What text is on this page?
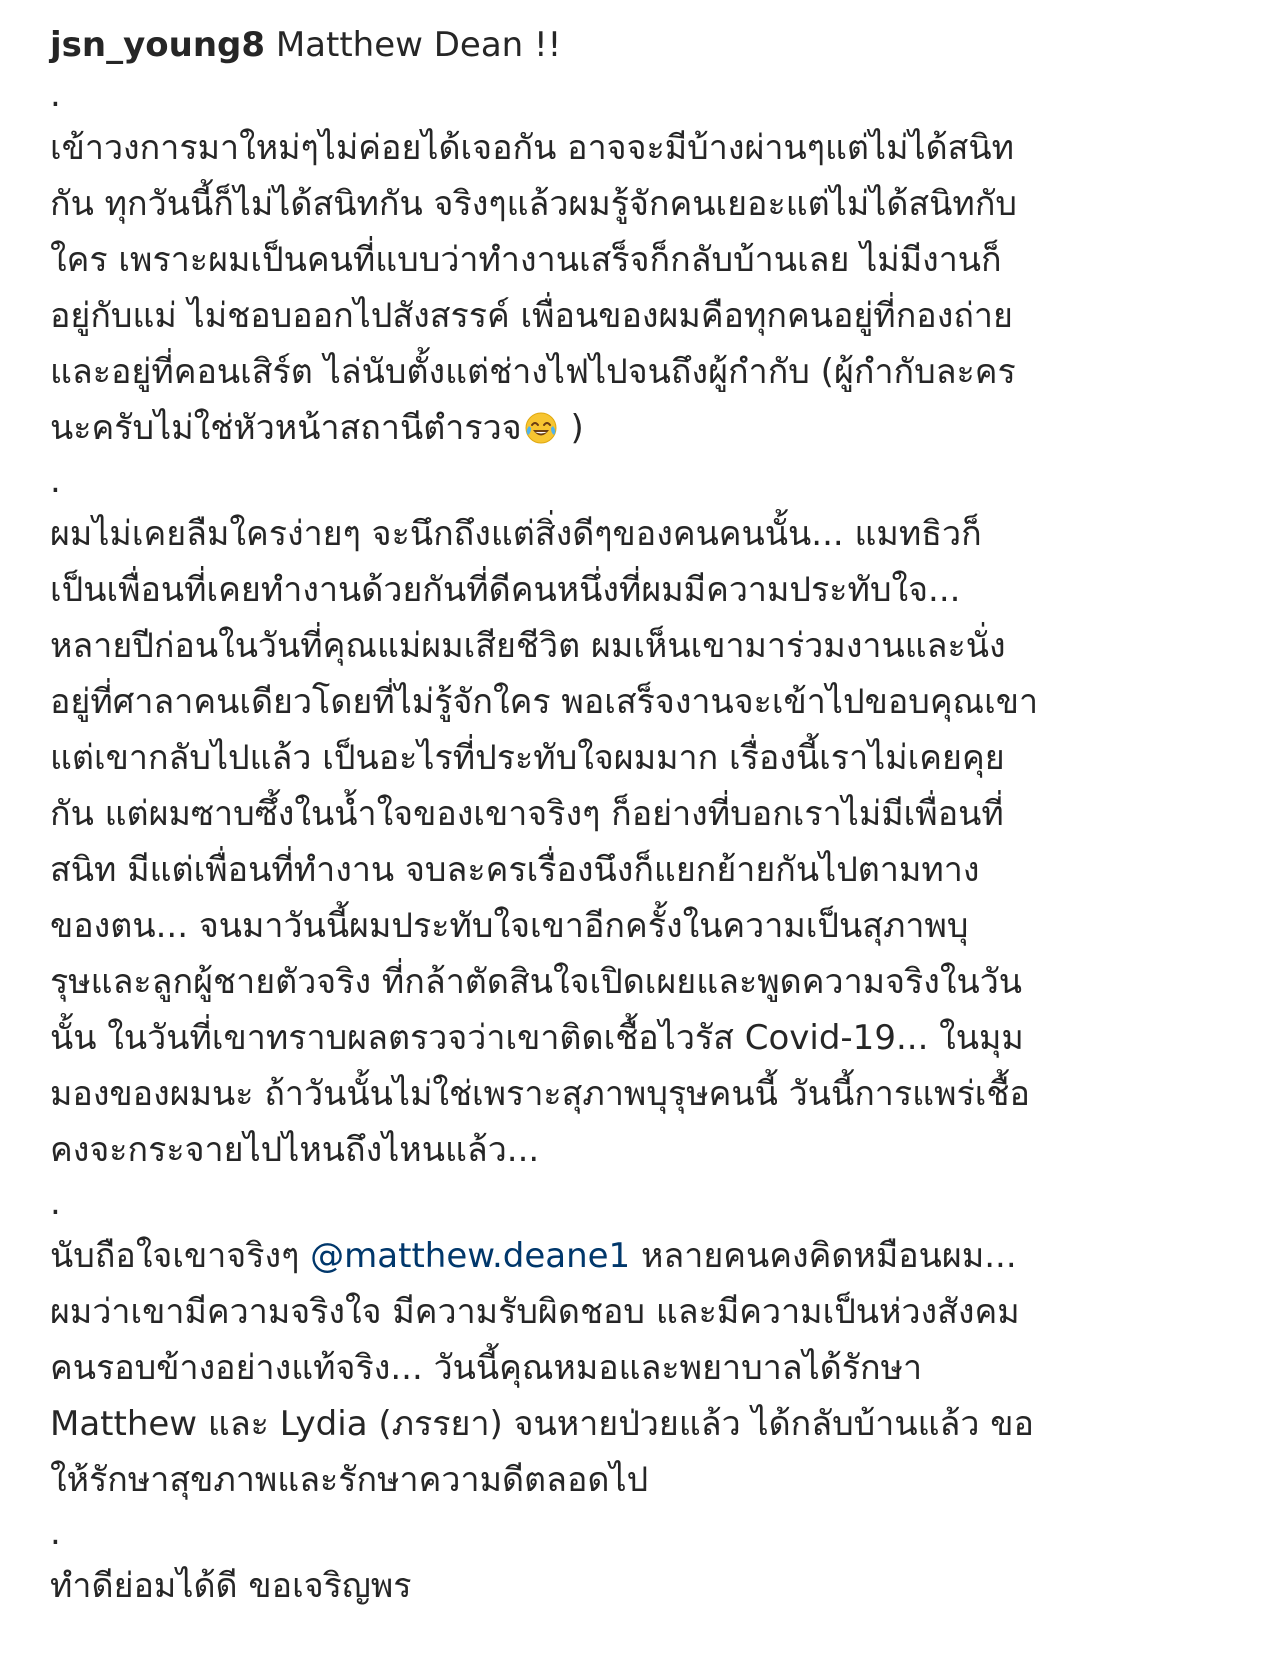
jsn_young8 Matthew Dean !!
.
เข้าวงการมาใหม่ๆไม่ค่อยได้เจอกัน อาจจะมีบ้างผ่านๆแต่ไม่ได้สนิท
กัน ทุกวันนี้ก็ไม่ได้สนิทกัน จริงๆแล้วผมรู้จักคนเยอะแต่ไม่ได้สนิทกับ
ใคร เพราะผมเป็นคนที่แบบว่าทำงานเสร็จก็กลับบ้านเลย ไม่มีงานก็
อยู่กับแม่ ไม่ชอบออกไปสังสรรค์ เพื่อนของผมคือทุกคนอยู่ที่กองถ่าย
และอยู่ที่คอนเสิร์ต ไล่นับตั้งแต่ช่างไฟไปจนถึงผู้กำกับ (ผู้กำกับละคร
นะครับไม่ใช่หัวหน้าสถานีตำรวจ )
.
ผมไม่เคยลืมใครง่ายๆ จะนึกถึงแต่สิ่งดีๆของคนคนนั้น... แมทธิวก็
เป็นเพื่อนที่เคยทำงานด้วยกันที่ดีคนหนึ่งที่ผมมีความประทับใจ...
หลายปีก่อนในวันที่คุณแม่ผมเสียชีวิต ผมเห็นเขามาร่วมงานและนั่ง
อยู่ที่ศาลาคนเดียวโดยที่ไม่รู้จักใคร พอเสร็จงานจะเข้าไปขอบคุณเขา
แต่เขากลับไปแล้ว เป็นอะไรที่ประทับใจผมมาก เรื่องนี้เราไม่เคยคุย
กัน แต่ผมซาบซึ้งในน้ำใจของเขาจริงๆ ก็อย่างที่บอกเราไม่มีเพื่อนที่
สนิท มีแต่เพื่อนที่ทำงาน จบละครเรื่องนึงก็แยกย้ายกันไปตามทาง
ของตน... จนมาวันนี้ผมประทับใจเขาอีกครั้งในความเป็นสุภาพบุ
รุษและลูกผู้ชายตัวจริง ที่กล้าตัดสินใจเปิดเผยและพูดความจริงในวัน
นั้น ในวันที่เขาทราบผลตรวจว่าเขาติดเชื้อไวรัส Covid-19... ในมุม
มองของผมนะ ถ้าวันนั้นไม่ใช่เพราะสุภาพบุรุษคนนี้ วันนี้การแพร่เชื้อ
คงจะกระจายไปไหนถึงไหนแล้ว...
.
นับถือใจเขาจริงๆ @matthew.deane1 หลายคนคงคิดหมือนผม...
ผมว่าเขามีความจริงใจ มีความรับผิดชอบ และมีความเป็นห่วงสังคม
คนรอบข้างอย่างแท้จริง... วันนี้คุณหมอและพยาบาลได้รักษา
Matthew และ Lydia (ภรรยา) จนหายป่วยแล้ว ได้กลับบ้านแล้ว ขอ
ให้รักษาสุขภาพและรักษาความดีตลอดไป
.
ทำดีย่อมได้ดี ขอเจริญพร
